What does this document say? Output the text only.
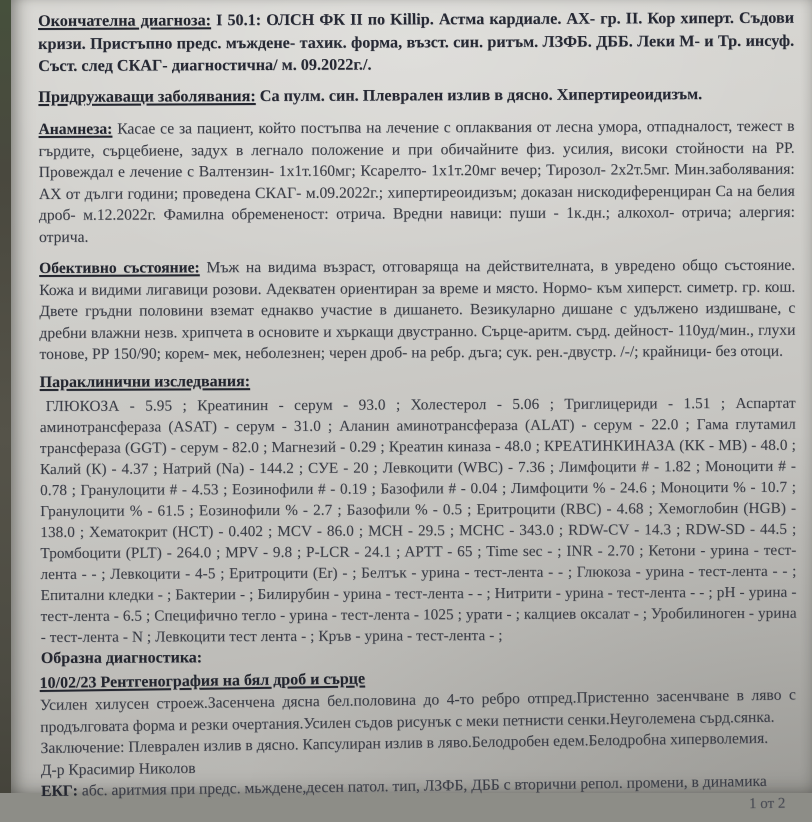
Окончателна диагноза: I 50.1: ОЛСН ФК II по Killip. Астма кардиале. АХ- гр. II. Кор хиперт. Съдови кризи. Пристъпно предс. мъждене- тахик. форма, възст. син. ритъм. ЛЗФБ. ДББ. Леки М- и Тр. инсуф. Съст. след СКАГ- диагностична/ м. 09.2022г./.

Придружаващи заболявания: Са пулм. син. Плеврален излив в дясно. Хипертиреоидизъм.

Анамнеза: Касае се за пациент, който постъпва на лечение с оплаквания от лесна умора, отпадналост, тежест в гърдите, сърцебиене, задух в легнало положение и при обичайните физ. усилия, високи стойности на РР. Провеждал е лечение с Валтензин- 1х1т.160мг; Ксарелто- 1х1т.20мг вечер; Тирозол- 2х2т.5мг. Мин.заболявания: АХ от дълги години; проведена СКАГ- м.09.2022г.; хипертиреоидизъм; доказан нискодиференциран Са на белия дроб- м.12.2022г. Фамилна обремененост: отрича. Вредни навици: пуши - 1к.дн.; алкохол- отрича; алергия: отрича.

Обективно състояние: Мъж на видима възраст, отговаряща на действителната, в увредено общо състояние. Кожа и видими лигавици розови. Адекватен ориентиран за време и място. Нормо- към хиперст. симетр. гр. кош. Двете гръдни половини вземат еднакво участие в дишането. Везикуларно дишане с удължено издишване, с дребни влажни незв. хрипчета в основите и хъркащи двустранно. Сърце-аритм. сърд. дейност- 110уд/мин., глухи тонове, РР 150/90; корем- мек, неболезнен; черен дроб- на ребр. дъга; сук. рен.-двустр. /-/; крайници- без отоци.

Параклинични изследвания:

ГЛЮКОЗА - 5.95 ; Креатинин - серум - 93.0 ; Холестерол - 5.06 ; Триглицериди - 1.51 ; Аспартат аминотрансфераза (ASAT) - серум - 31.0 ; Аланин аминотрансфераза (ALAT) - серум - 22.0 ; Гама глутамил трансфераза (GGT) - серум - 82.0 ; Магнезий - 0.29 ; Креатин киназа - 48.0 ; КРЕАТИНКИНАЗА (КК - МВ) - 48.0 ; Калий (К) - 4.37 ; Натрий (Na) - 144.2 ; СУЕ - 20 ; Левкоцити (WBC) - 7.36 ; Лимфоцити # - 1.82 ; Моноцити # - 0.78 ; Гранулоцити # - 4.53 ; Еозинофили # - 0.19 ; Базофили # - 0.04 ; Лимфоцити % - 24.6 ; Моноцити % - 10.7 ; Гранулоцити % - 61.5 ; Еозинофили % - 2.7 ; Базофили % - 0.5 ; Еритроцити (RBC) - 4.68 ; Хемоглобин (HGB) - 138.0 ; Хематокрит (HCT) - 0.402 ; MCV - 86.0 ; MCH - 29.5 ; MCHC - 343.0 ; RDW-CV - 14.3 ; RDW-SD - 44.5 ; Тромбоцити (PLT) - 264.0 ; MPV - 9.8 ; P-LCR - 24.1 ; APTT - 65 ; Time sec - ; INR - 2.70 ; Кетони - урина - тест-лента - - ; Левкоцити - 4-5 ; Еритроцити (Er) - ; Белтък - урина - тест-лента - - ; Глюкоза - урина - тест-лента - - ; Епитални кледки - ; Бактерии - ; Билирубин - урина - тест-лента - - ; Нитрити - урина - тест-лента - - ; pH - урина - тест-лента - 6.5 ; Специфично тегло - урина - тест-лента - 1025 ; урати - ; калциев оксалат - ; Уробилиноген - урина - тест-лента - N ; Левкоцити тест лента - ; Кръв - урина - тест-лента - ;

Образна диагностика:

10/02/23 Рентгенография на бял дроб и сърце

Усилен хилусен строеж.Засенчена дясна бел.половина до 4-то ребро отпред.Пристенно засенчване в ляво с продълговата форма и резки очертания.Усилен съдов рисунък с меки петнисти сенки.Неуголемена сърд.сянка.

Заключение: Плеврален излив в дясно. Капсулиран излив в ляво.Белодробен едем.Белодробна хиперволемия.

Д-р Красимир Николов

ЕКГ: абс. аритмия при предс. мьждене,десен патол. тип, ЛЗФБ, ДББ с вторични репол. промени, в динамика

1 от 2
